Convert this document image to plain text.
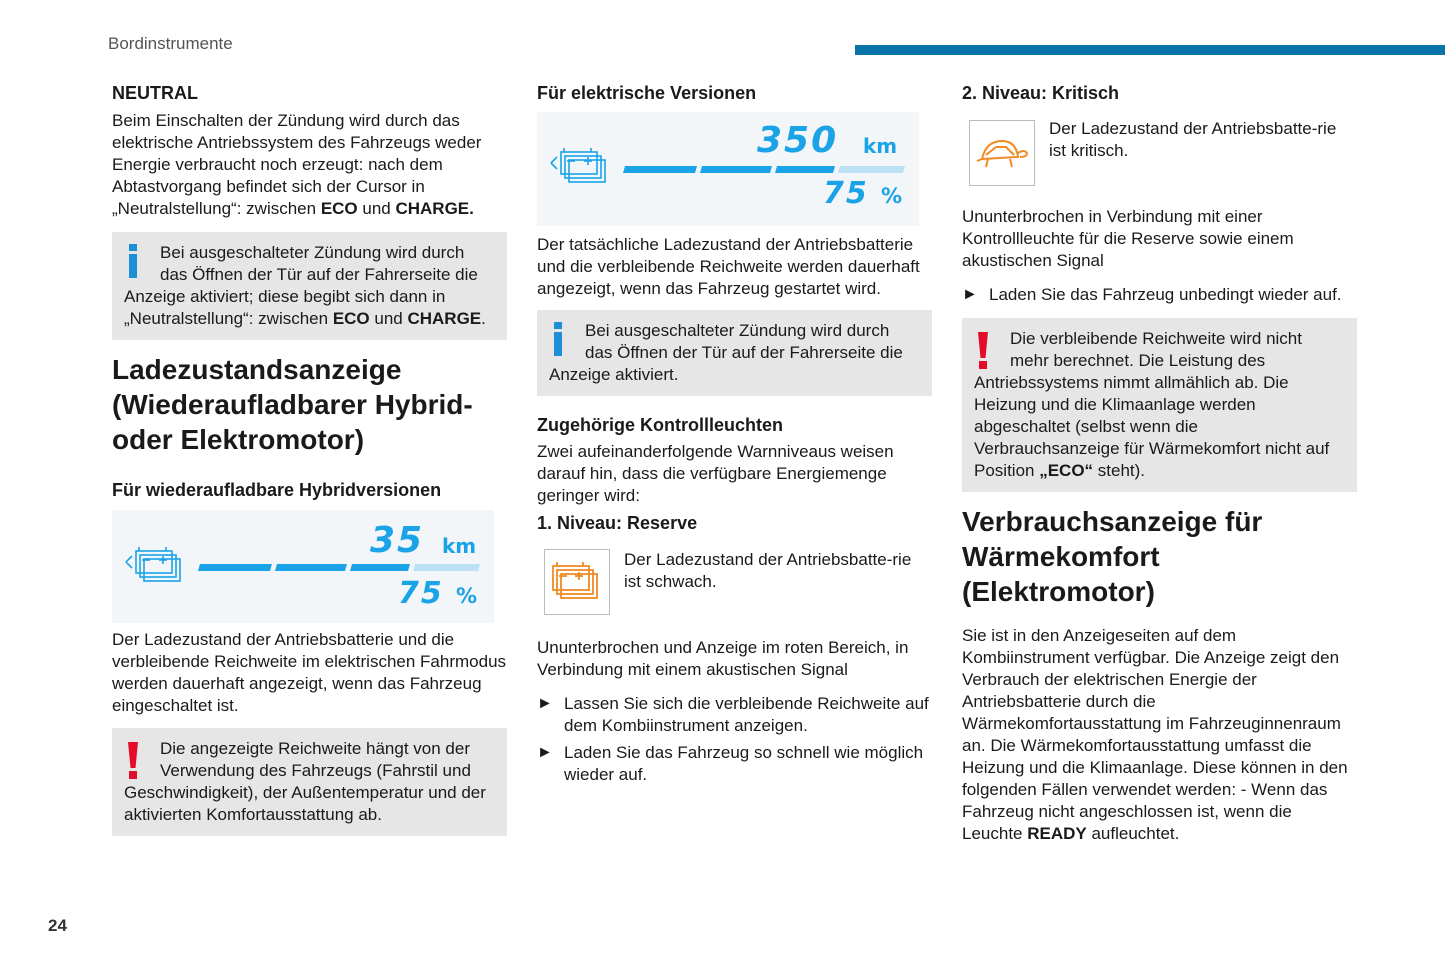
Bordinstrumente
24

NEUTRAL

Beim Einschalten der Zündung wird durch das elektrische Antriebssystem des Fahrzeugs weder Energie verbraucht noch erzeugt: nach dem Abtastvorgang befindet sich der Cursor in „Neutralstellung“: zwischen ECO und CHARGE.

Bei ausgeschalteter Zündung wird durch das Öffnen der Tür auf der Fahrerseite die Anzeige aktiviert; diese begibt sich dann in „Neutralstellung“: zwischen ECO und CHARGE.

Ladezustandsanzeige (Wiederaufladbarer Hybrid- oder Elektromotor)

Für wiederaufladbare Hybridversionen

35 km
75 %

Der Ladezustand der Antriebsbatterie und die verbleibende Reichweite im elektrischen Fahrmodus werden dauerhaft angezeigt, wenn das Fahrzeug eingeschaltet ist.

Die angezeigte Reichweite hängt von der Verwendung des Fahrzeugs (Fahrstil und Geschwindigkeit), der Außentemperatur und der aktivierten Komfortausstattung ab.

Für elektrische Versionen

350 km
75 %

Der tatsächliche Ladezustand der Antriebsbatterie und die verbleibende Reichweite werden dauerhaft angezeigt, wenn das Fahrzeug gestartet wird.

Bei ausgeschalteter Zündung wird durch das Öffnen der Tür auf der Fahrerseite die Anzeige aktiviert.

Zugehörige Kontrollleuchten

Zwei aufeinanderfolgende Warnniveaus weisen darauf hin, dass die verfügbare Energiemenge geringer wird:

1. Niveau: Reserve

Der Ladezustand der Antriebsbatte-rie ist schwach.

Ununterbrochen und Anzeige im roten Bereich, in Verbindung mit einem akustischen Signal

► Lassen Sie sich die verbleibende Reichweite auf dem Kombiinstrument anzeigen.
► Laden Sie das Fahrzeug so schnell wie möglich wieder auf.

2. Niveau: Kritisch

Der Ladezustand der Antriebsbatte-rie ist kritisch.

Ununterbrochen in Verbindung mit einer Kontrollleuchte für die Reserve sowie einem akustischen Signal

► Laden Sie das Fahrzeug unbedingt wieder auf.
Die verbleibende Reichweite wird nicht mehr berechnet. Die Leistung des Antriebssystems nimmt allmählich ab. Die Heizung und die Klimaanlage werden abgeschaltet (selbst wenn die Verbrauchsanzeige für Wärmekomfort nicht auf Position „ECO“ steht).

Verbrauchsanzeige für Wärmekomfort (Elektromotor)

Sie ist in den Anzeigeseiten auf dem Kombiinstrument verfügbar. Die Anzeige zeigt den Verbrauch der elektrischen Energie der Antriebsbatterie durch die Wärmekomfortausstattung im Fahrzeuginnenraum an. Die Wärmekomfortausstattung umfasst die Heizung und die Klimaanlage. Diese können in den folgenden Fällen verwendet werden: - Wenn das Fahrzeug nicht angeschlossen ist, wenn die Leuchte READY aufleuchtet.
